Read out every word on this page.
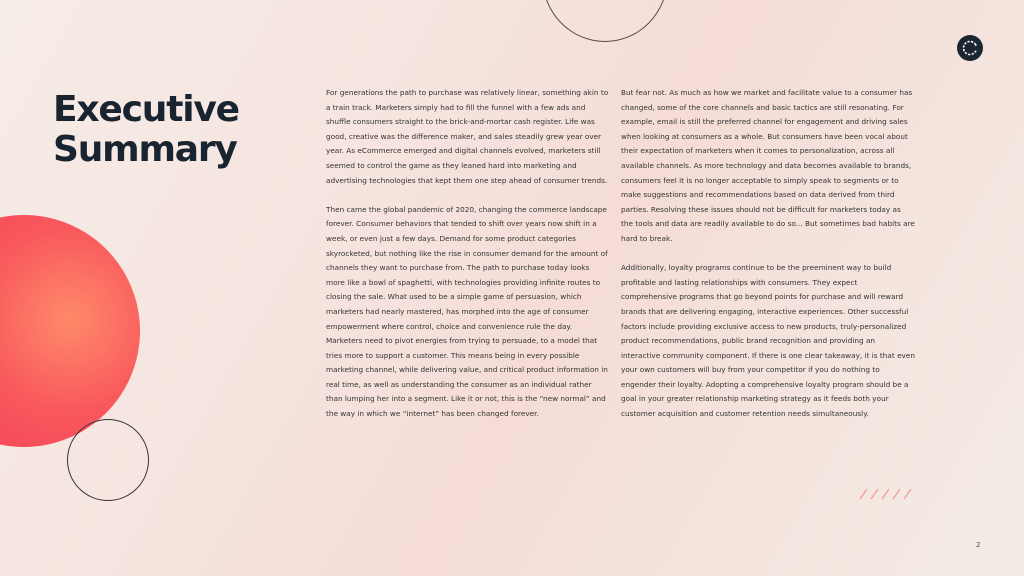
Executive
Summary

For generations the path to purchase was relatively linear, something akin to a train track. Marketers simply had to fill the funnel with a few ads and shuffle consumers straight to the brick-and-mortar cash register. Life was good, creative was the difference maker, and sales steadily grew year over year. As eCommerce emerged and digital channels evolved, marketers still seemed to control the game as they leaned hard into marketing and advertising technologies that kept them one step ahead of consumer trends.

Then came the global pandemic of 2020, changing the commerce landscape forever. Consumer behaviors that tended to shift over years now shift in a week, or even just a few days. Demand for some product categories skyrocketed, but nothing like the rise in consumer demand for the amount of channels they want to purchase from. The path to purchase today looks more like a bowl of spaghetti, with technologies providing infinite routes to closing the sale. What used to be a simple game of persuasion, which marketers had nearly mastered, has morphed into the age of consumer empowerment where control, choice and convenience rule the day. Marketers need to pivot energies from trying to persuade, to a model that tries more to support a customer. This means being in every possible marketing channel, while delivering value, and critical product information in real time, as well as understanding the consumer as an individual rather than lumping her into a segment. Like it or not, this is the “new normal” and the way in which we “internet” has been changed forever.

But fear not. As much as how we market and facilitate value to a consumer has changed, some of the core channels and basic tactics are still resonating. For example, email is still the preferred channel for engagement and driving sales when looking at consumers as a whole. But consumers have been vocal about their expectation of marketers when it comes to personalization, across all available channels. As more technology and data becomes available to brands, consumers feel it is no longer acceptable to simply speak to segments or to make suggestions and recommendations based on data derived from third parties. Resolving these issues should not be difficult for marketers today as the tools and data are readily available to do so... But sometimes bad habits are hard to break.

Additionally, loyalty programs continue to be the preeminent way to build profitable and lasting relationships with consumers. They expect comprehensive programs that go beyond points for purchase and will reward brands that are delivering engaging, interactive experiences. Other successful factors include providing exclusive access to new products, truly-personalized product recommendations, public brand recognition and providing an interactive community component. If there is one clear takeaway, it is that even your own customers will buy from your competitor if you do nothing to engender their loyalty. Adopting a comprehensive loyalty program should be a goal in your greater relationship marketing strategy as it feeds both your customer acquisition and customer retention needs simultaneously.

2
